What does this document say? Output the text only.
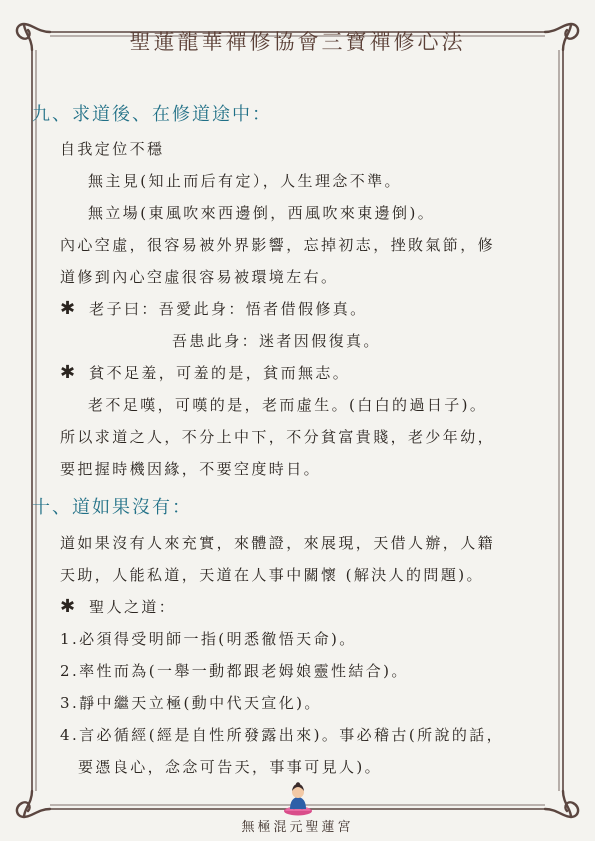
聖蓮龍華禪修協會三寶禪修心法
九、求道後、在修道途中：
自我定位不穩
無主見(知止而后有定），人生理念不準。
無立場(東風吹來西邊倒，西風吹來東邊倒)。
內心空虛，很容易被外界影響，忘掉初志，挫敗氣節，修
道修到內心空虛很容易被環境左右。
✱ 老子曰：吾愛此身：悟者借假修真。
吾患此身：迷者因假復真。
✱ 貧不足羞，可羞的是，貧而無志。
老不足嘆，可嘆的是，老而虛生。(白白的過日子)。
所以求道之人，不分上中下，不分貧富貴賤，老少年幼，
要把握時機因緣，不要空度時日。
十、道如果沒有：
道如果沒有人來充實，來體證，來展現，天借人辦，人籍
天助，人能私道，天道在人事中關懷 (解決人的問題)。
✱ 聖人之道：
1.必須得受明師一指(明悉徹悟天命)。
2.率性而為(一舉一動都跟老姆娘靈性結合)。
3.靜中繼天立極(動中代天宣化)。
4.言必循經(經是自性所發露出來)。事必稽古(所說的話，
要憑良心，念念可告天，事事可見人)。
無極混元聖蓮宮
